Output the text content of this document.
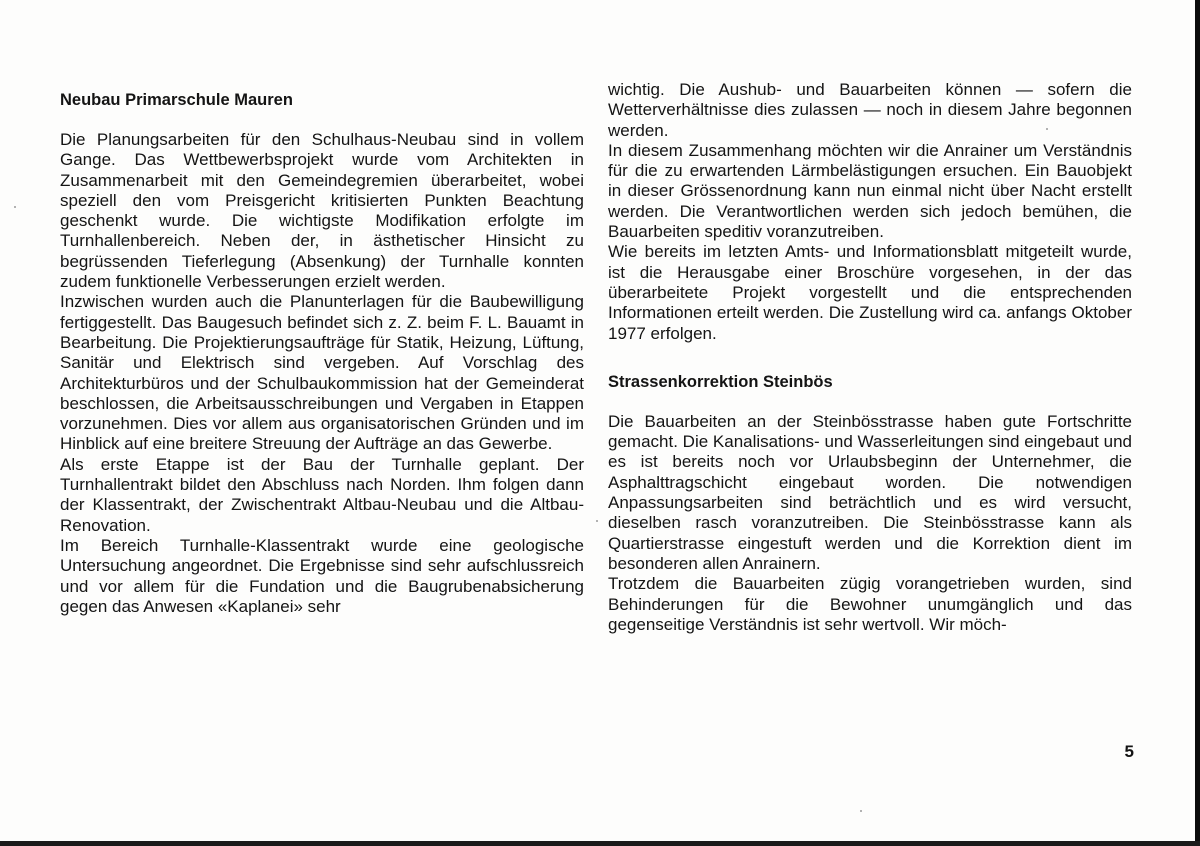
Neubau Primarschule Mauren

Die Planungsarbeiten für den Schulhaus-Neubau sind in vollem Gange. Das Wettbewerbsprojekt wurde vom Architekten in Zusammenarbeit mit den Gemeindegremien überarbeitet, wobei speziell den vom Preisgericht kritisierten Punkten Beachtung geschenkt wurde. Die wichtigste Modifikation erfolgte im Turnhallenbereich. Neben der, in ästhetischer Hinsicht zu begrüssenden Tieferlegung (Absenkung) der Turnhalle konnten zudem funktionelle Verbesserungen erzielt werden.

Inzwischen wurden auch die Planunterlagen für die Baubewilligung fertiggestellt. Das Baugesuch befindet sich z. Z. beim F. L. Bauamt in Bearbeitung. Die Projektierungsaufträge für Statik, Heizung, Lüftung, Sanitär und Elektrisch sind vergeben. Auf Vorschlag des Architekturbüros und der Schulbaukommission hat der Gemeinderat beschlossen, die Arbeitsausschreibungen und Vergaben in Etappen vorzunehmen. Dies vor allem aus organisatorischen Gründen und im Hinblick auf eine breitere Streuung der Aufträge an das Gewerbe.

Als erste Etappe ist der Bau der Turnhalle geplant. Der Turnhallentrakt bildet den Abschluss nach Norden. Ihm folgen dann der Klassentrakt, der Zwischentrakt Altbau-Neubau und die Altbau-Renovation.

Im Bereich Turnhalle-Klassentrakt wurde eine geologische Untersuchung angeordnet. Die Ergebnisse sind sehr aufschlussreich und vor allem für die Fundation und die Baugrubenabsicherung gegen das Anwesen «Kaplanei» sehr

wichtig. Die Aushub- und Bauarbeiten können — sofern die Wetterverhältnisse dies zulassen — noch in diesem Jahre begonnen werden.

In diesem Zusammenhang möchten wir die Anrainer um Verständnis für die zu erwartenden Lärmbelästigungen ersuchen. Ein Bauobjekt in dieser Grössenordnung kann nun einmal nicht über Nacht erstellt werden. Die Verantwortlichen werden sich jedoch bemühen, die Bauarbeiten speditiv voranzutreiben.

Wie bereits im letzten Amts- und Informationsblatt mitgeteilt wurde, ist die Herausgabe einer Broschüre vorgesehen, in der das überarbeitete Projekt vorgestellt und die entsprechenden Informationen erteilt werden. Die Zustellung wird ca. anfangs Oktober 1977 erfolgen.

Strassenkorrektion Steinbös

Die Bauarbeiten an der Steinbösstrasse haben gute Fortschritte gemacht. Die Kanalisations- und Wasserleitungen sind eingebaut und es ist bereits noch vor Urlaubsbeginn der Unternehmer, die Asphalttragschicht eingebaut worden. Die notwendigen Anpassungsarbeiten sind beträchtlich und es wird versucht, dieselben rasch voranzutreiben. Die Steinbösstrasse kann als Quartierstrasse eingestuft werden und die Korrektion dient im besonderen allen Anrainern.

Trotzdem die Bauarbeiten zügig vorangetrieben wurden, sind Behinderungen für die Bewohner unumgänglich und das gegenseitige Verständnis ist sehr wertvoll. Wir möch-

5
